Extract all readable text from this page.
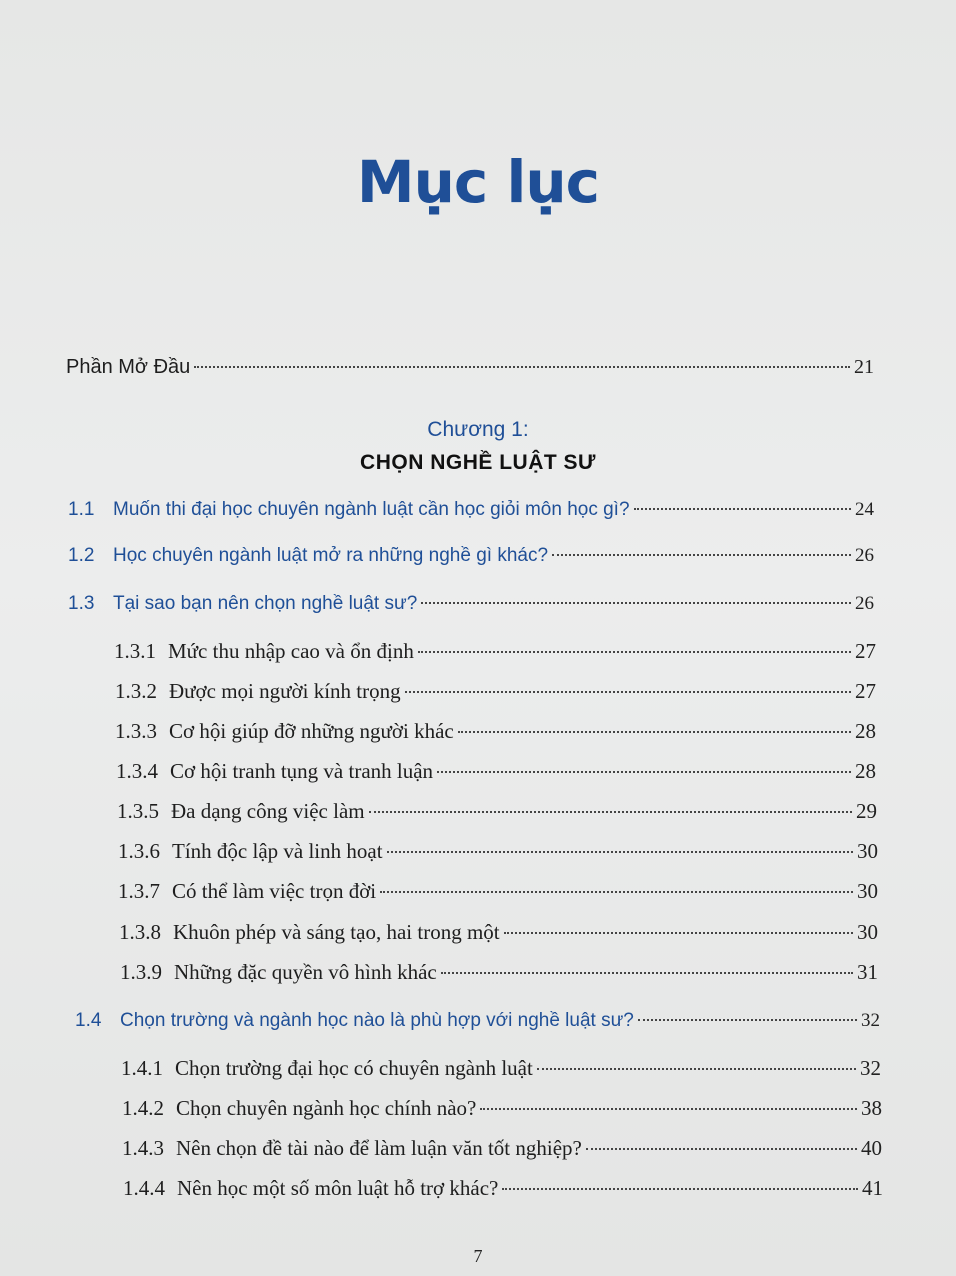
Mục lục
Phần Mở Đầu	21
Chương 1:
CHỌN NGHỀ LUẬT SƯ
1.1 Muốn thi đại học chuyên ngành luật cần học giỏi môn học gì?	24
1.2 Học chuyên ngành luật mở ra những nghề gì khác?	26
1.3 Tại sao bạn nên chọn nghề luật sư?	26
1.3.1 Mức thu nhập cao và ổn định	27
1.3.2 Được mọi người kính trọng	27
1.3.3 Cơ hội giúp đỡ những người khác	28
1.3.4 Cơ hội tranh tụng và tranh luận	28
1.3.5 Đa dạng công việc làm	29
1.3.6 Tính độc lập và linh hoạt	30
1.3.7 Có thể làm việc trọn đời	30
1.3.8 Khuôn phép và sáng tạo, hai trong một	30
1.3.9 Những đặc quyền vô hình khác	31
1.4 Chọn trường và ngành học nào là phù hợp với nghề luật sư?	32
1.4.1 Chọn trường đại học có chuyên ngành luật	32
1.4.2 Chọn chuyên ngành học chính nào?	38
1.4.3 Nên chọn đề tài nào để làm luận văn tốt nghiệp?	40
1.4.4 Nên học một số môn luật hỗ trợ khác?	41
7
